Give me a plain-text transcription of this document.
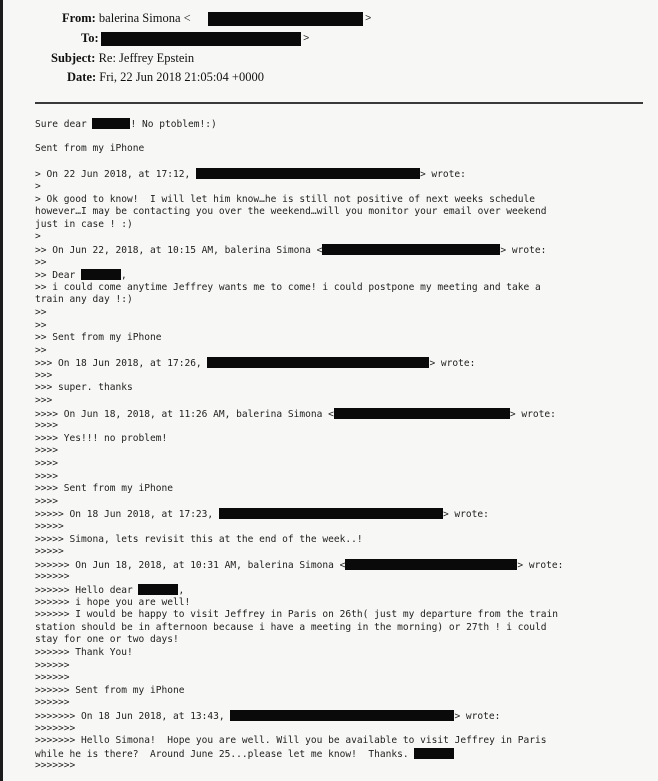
From: balerina Simona <	>
To:	>
Subject: Re: Jeffrey Epstein
Date: Fri, 22 Jun 2018 21:05:04 +0000
Sure dear	! No ptoblem!:)
Sent from my iPhone
> On 22 Jun 2018, at 17:12,	> wrote:
>
> Ok good to know!  I will let him know…he is still not positive of next weeks schedule
however…I may be contacting you over the weekend…will you monitor your email over weekend
just in case ! :)
>
>> On Jun 22, 2018, at 10:15 AM, balerina Simona <	> wrote:
>>
>> Dear	,
>> i could come anytime Jeffrey wants me to come! i could postpone my meeting and take a
train any day !:)
>>
>>
>> Sent from my iPhone
>>
>>> On 18 Jun 2018, at 17:26,	> wrote:
>>>
>>> super. thanks
>>>
>>>> On Jun 18, 2018, at 11:26 AM, balerina Simona <	> wrote:
>>>>
>>>> Yes!!! no problem!
>>>>
>>>>
>>>>
>>>> Sent from my iPhone
>>>>
>>>>> On 18 Jun 2018, at 17:23,	> wrote:
>>>>>
>>>>> Simona, lets revisit this at the end of the week..!
>>>>>
>>>>>> On Jun 18, 2018, at 10:31 AM, balerina Simona <	> wrote:
>>>>>>
>>>>>> Hello dear	,
>>>>>> i hope you are well!
>>>>>> I would be happy to visit Jeffrey in Paris on 26th( just my departure from the train
station should be in afternoon because i have a meeting in the morning) or 27th ! i could
stay for one or two days!
>>>>>> Thank You!
>>>>>>
>>>>>>
>>>>>> Sent from my iPhone
>>>>>>
>>>>>>> On 18 Jun 2018, at 13:43,	> wrote:
>>>>>>>
>>>>>>> Hello Simona!  Hope you are well. Will you be available to visit Jeffrey in Paris
while he is there?  Around June 25...please let me know!  Thanks.
>>>>>>>
